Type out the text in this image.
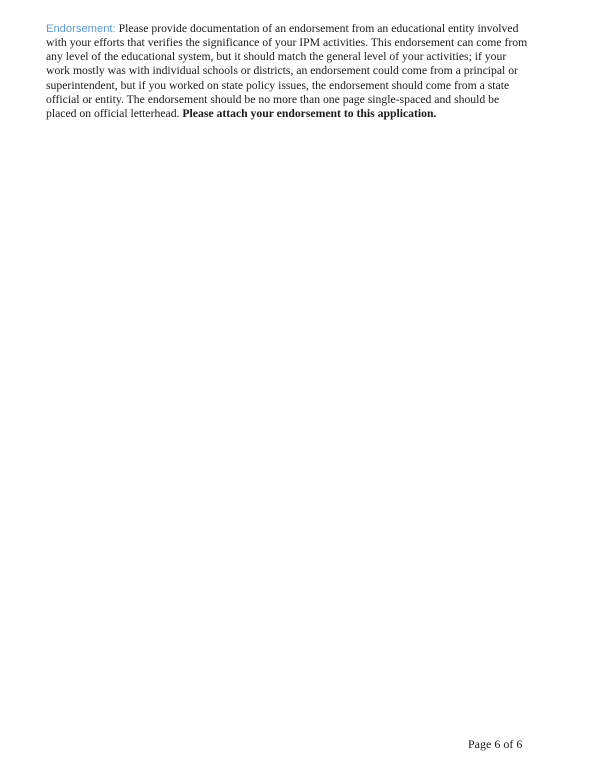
Endorsement: Please provide documentation of an endorsement from an educational entity involved with your efforts that verifies the significance of your IPM activities. This endorsement can come from any level of the educational system, but it should match the general level of your activities; if your work mostly was with individual schools or districts, an endorsement could come from a principal or superintendent, but if you worked on state policy issues, the endorsement should come from a state official or entity. The endorsement should be no more than one page single-spaced and should be placed on official letterhead. Please attach your endorsement to this application.

Page 6 of 6
